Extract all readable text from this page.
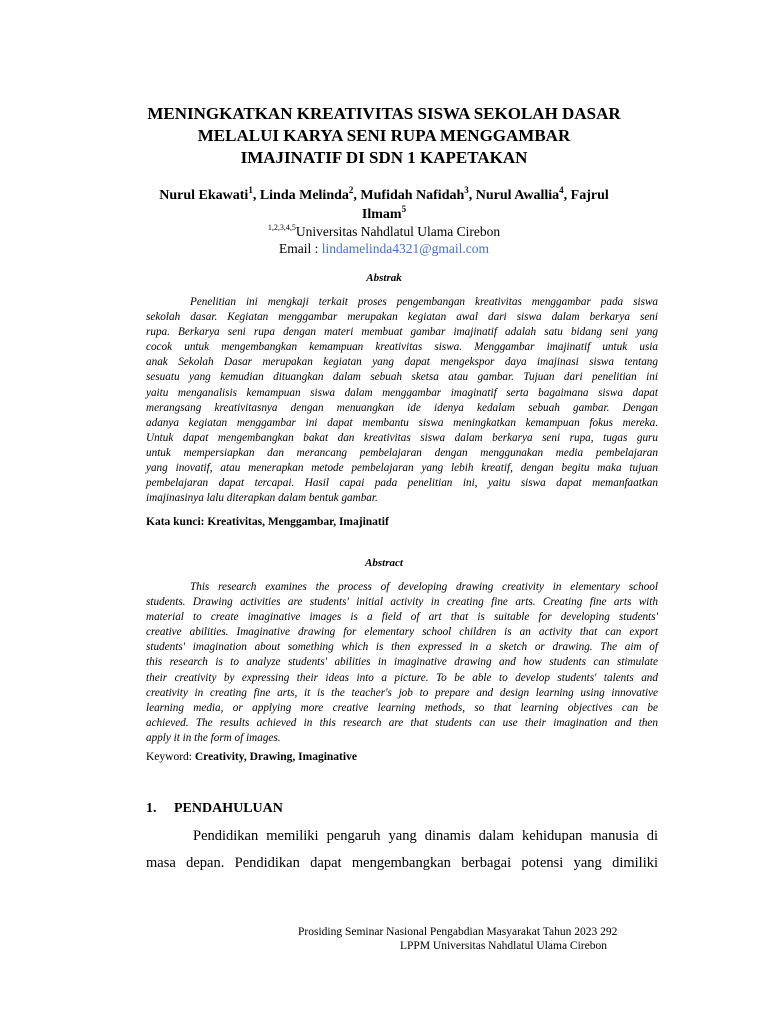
MENINGKATKAN KREATIVITAS SISWA SEKOLAH DASAR
MELALUI KARYA SENI RUPA MENGGAMBAR
IMAJINATIF DI SDN 1 KAPETAKAN
Nurul Ekawati$^1$, Linda Melinda$^2$, Mufidah Nafidah$^3$, Nurul Awallia$^4$, Fajrul
Ilmam$^5$
$^{1,2,3,4,5}$Universitas Nahdlatul Ulama Cirebon
Email : lindamelinda4321@gmail.com
Abstrak
Penelitian ini mengkaji terkait proses pengembangan kreativitas menggambar pada siswa
sekolah dasar. Kegiatan menggambar merupakan kegiatan awal dari siswa dalam berkarya seni
rupa. Berkarya seni rupa dengan materi membuat gambar imajinatif adalah satu bidang seni yang
cocok untuk mengembangkan kemampuan kreativitas siswa. Menggambar imajinatif untuk usia
anak Sekolah Dasar merupakan kegiatan yang dapat mengekspor daya imajinasi siswa tentang
sesuatu yang kemudian dituangkan dalam sebuah sketsa atau gambar. Tujuan dari penelitian ini
yaitu menganalisis kemampuan siswa dalam menggambar imaginatif serta bagaimana siswa dapat
merangsang kreativitasnya dengan menuangkan ide idenya kedalam sebuah gambar. Dengan
adanya kegiatan menggambar ini dapat membantu siswa meningkatkan kemampuan fokus mereka.
Untuk dapat mengembangkan bakat dan kreativitas siswa dalam berkarya seni rupa, tugas guru
untuk mempersiapkan dan merancang pembelajaran dengan menggunakan media pembelajaran
yang inovatif, atau menerapkan metode pembelajaran yang lebih kreatif, dengan begitu maka tujuan
pembelajaran dapat tercapai. Hasil capai pada penelitian ini, yaitu siswa dapat memanfaatkan
imajinasinya lalu diterapkan dalam bentuk gambar.
Kata kunci: Kreativitas, Menggambar, Imajinatif
Abstract
This research examines the process of developing drawing creativity in elementary school
students. Drawing activities are students' initial activity in creating fine arts. Creating fine arts with
material to create imaginative images is a field of art that is suitable for developing students'
creative abilities. Imaginative drawing for elementary school children is an activity that can export
students' imagination about something which is then expressed in a sketch or drawing. The aim of
this research is to analyze students' abilities in imaginative drawing and how students can stimulate
their creativity by expressing their ideas into a picture. To be able to develop students' talents and
creativity in creating fine arts, it is the teacher's job to prepare and design learning using innovative
learning media, or applying more creative learning methods, so that learning objectives can be
achieved. The results achieved in this research are that students can use their imagination and then
apply it in the form of images.
Keyword: Creativity, Drawing, Imaginative
1. PENDAHULUAN
Pendidikan memiliki pengaruh yang dinamis dalam kehidupan manusia di
masa depan. Pendidikan dapat mengembangkan berbagai potensi yang dimiliki
Prosiding Seminar Nasional Pengabdian Masyarakat Tahun 2023 292
LPPM Universitas Nahdlatul Ulama Cirebon
